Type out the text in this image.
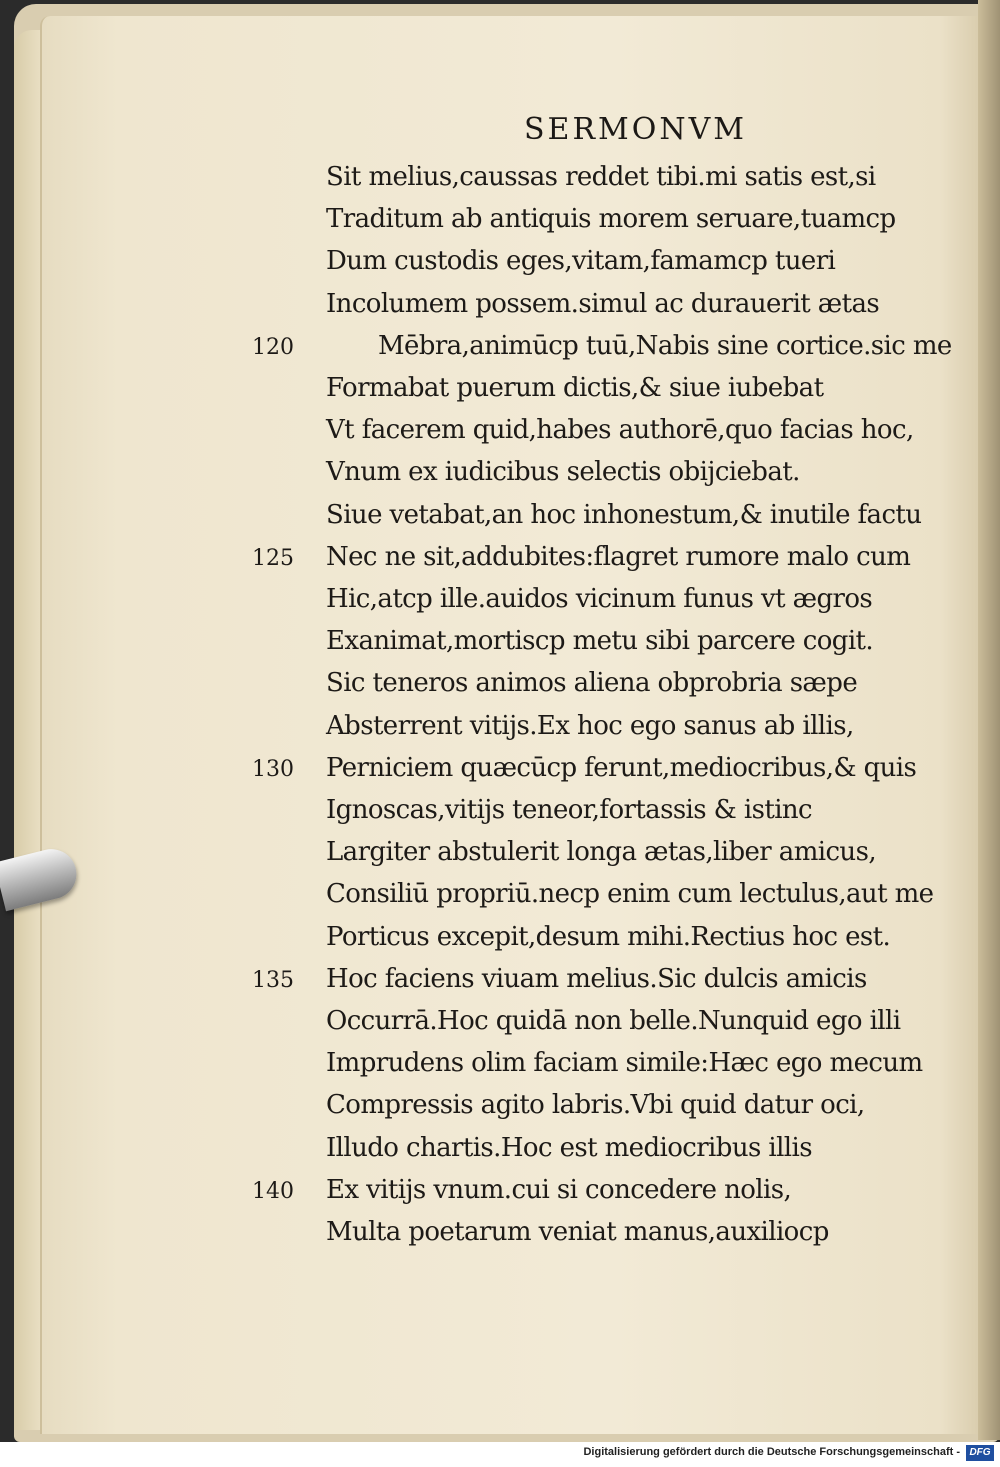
SERMONVM
Sit melius,caussas reddet tibi.mi satis est,si
Traditum ab antiquis morem seruare,tuamcp
Dum custodis eges,vitam,famamcp tueri
Incolumem possem.simul ac durauerit ætas
Mēbra,animūcp tuū,Nabis sine cortice.sic me
120
Formabat puerum dictis,& siue iubebat
Vt facerem quid,habes authorē,quo facias hoc,
Vnum ex iudicibus selectis obijciebat.
Siue vetabat,an hoc inhonestum,& inutile factu
Nec ne sit,addubites:flagret rumore malo cum
125
Hic,atcp ille.auidos vicinum funus vt ægros
Exanimat,mortiscp metu sibi parcere cogit.
Sic teneros animos aliena obprobria sæpe
Absterrent vitijs.Ex hoc ego sanus ab illis,
Perniciem quæcūcp ferunt,mediocribus,& quis
130
Ignoscas,vitijs teneor,fortassis & istinc
Largiter abstulerit longa ætas,liber amicus,
Consiliū propriū.necp enim cum lectulus,aut me
Porticus excepit,desum mihi.Rectius hoc est.
Hoc faciens viuam melius.Sic dulcis amicis
135
Occurrā.Hoc quidā non belle.Nunquid ego illi
Imprudens olim faciam simile:Hæc ego mecum
Compressis agito labris.Vbi quid datur oci,
Illudo chartis.Hoc est mediocribus illis
Ex vitijs vnum.cui si concedere nolis,
140
Multa poetarum veniat manus,auxiliocp
Digitalisierung gefördert durch die Deutsche Forschungsgemeinschaft - DFG
